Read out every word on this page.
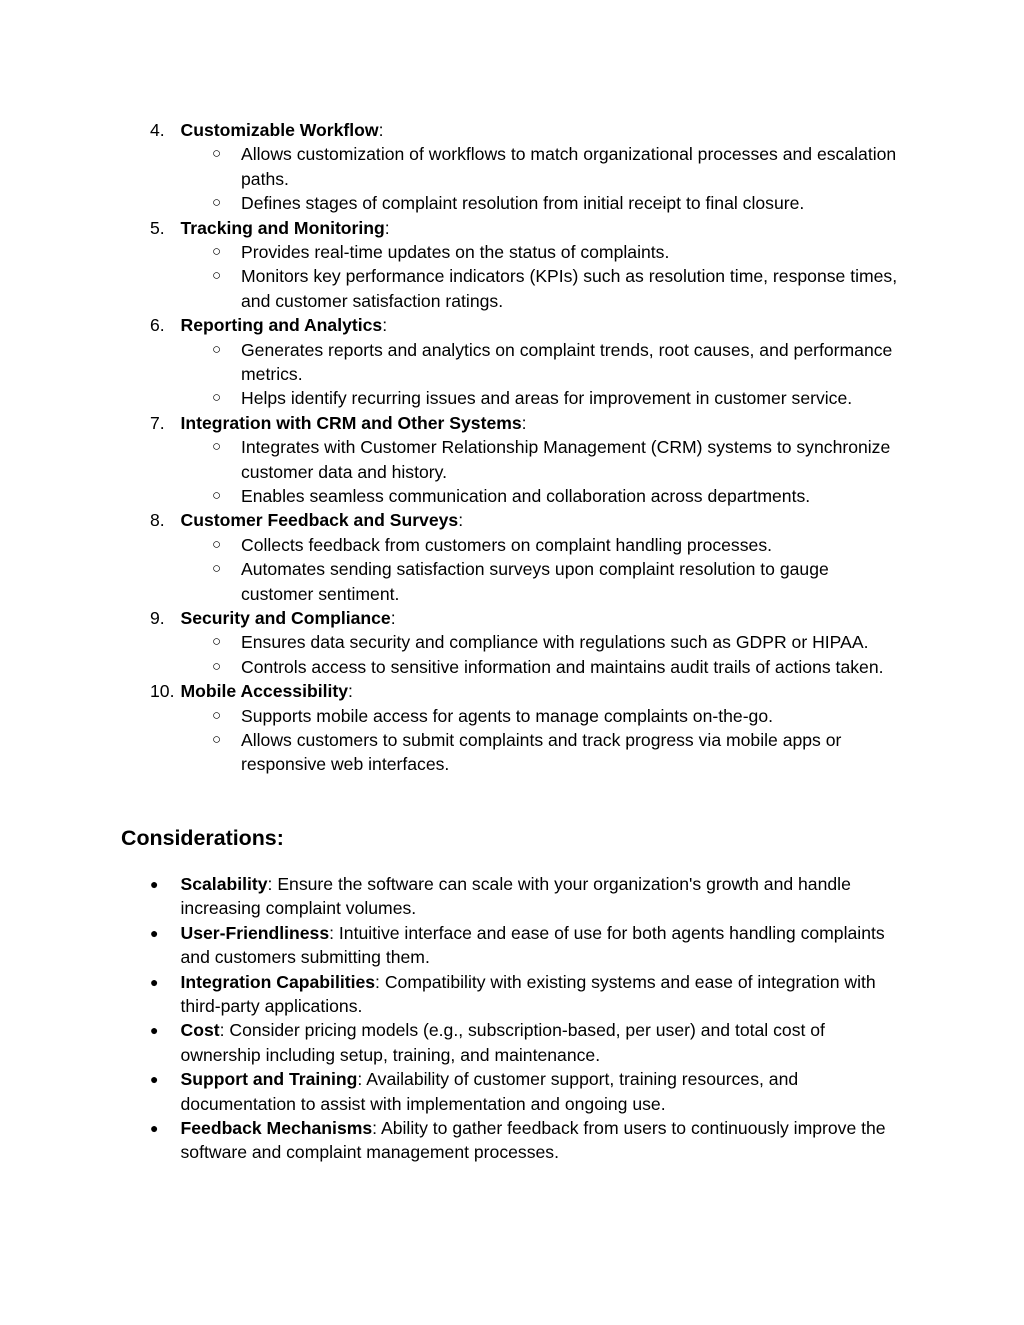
4. Customizable Workflow:
○ Allows customization of workflows to match organizational processes and escalation paths.
○ Defines stages of complaint resolution from initial receipt to final closure.
5. Tracking and Monitoring:
○ Provides real-time updates on the status of complaints.
○ Monitors key performance indicators (KPIs) such as resolution time, response times, and customer satisfaction ratings.
6. Reporting and Analytics:
○ Generates reports and analytics on complaint trends, root causes, and performance metrics.
○ Helps identify recurring issues and areas for improvement in customer service.
7. Integration with CRM and Other Systems:
○ Integrates with Customer Relationship Management (CRM) systems to synchronize customer data and history.
○ Enables seamless communication and collaboration across departments.
8. Customer Feedback and Surveys:
○ Collects feedback from customers on complaint handling processes.
○ Automates sending satisfaction surveys upon complaint resolution to gauge customer sentiment.
9. Security and Compliance:
○ Ensures data security and compliance with regulations such as GDPR or HIPAA.
○ Controls access to sensitive information and maintains audit trails of actions taken.
10. Mobile Accessibility:
○ Supports mobile access for agents to manage complaints on-the-go.
○ Allows customers to submit complaints and track progress via mobile apps or responsive web interfaces.
Considerations:
● Scalability: Ensure the software can scale with your organization's growth and handle increasing complaint volumes.
● User-Friendliness: Intuitive interface and ease of use for both agents handling complaints and customers submitting them.
● Integration Capabilities: Compatibility with existing systems and ease of integration with third-party applications.
● Cost: Consider pricing models (e.g., subscription-based, per user) and total cost of ownership including setup, training, and maintenance.
● Support and Training: Availability of customer support, training resources, and documentation to assist with implementation and ongoing use.
● Feedback Mechanisms: Ability to gather feedback from users to continuously improve the software and complaint management processes.
